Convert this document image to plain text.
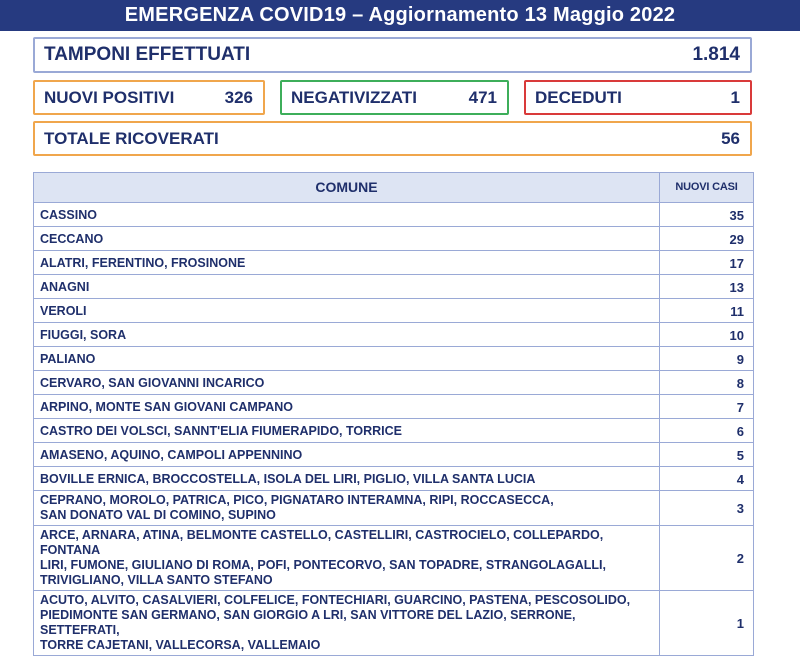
EMERGENZA COVID19 – Aggiornamento 13 Maggio 2022
TAMPONI EFFETTUATI	1.814
NUOVI POSITIVI	326 NEGATIVIZZATI	471 DECEDUTI	1
TOTALE RICOVERATI	56
COMUNE	NUOVI CASI
CASSINO	35
CECCANO	29
ALATRI, FERENTINO, FROSINONE	17
ANAGNI	13
VEROLI	11
FIUGGI, SORA	10
PALIANO	9
CERVARO, SAN GIOVANNI INCARICO	8
ARPINO, MONTE SAN GIOVANI CAMPANO	7
CASTRO DEI VOLSCI, SANNT'ELIA FIUMERAPIDO, TORRICE	6
AMASENO, AQUINO, CAMPOLI APPENNINO	5
BOVILLE ERNICA, BROCCOSTELLA, ISOLA DEL LIRI, PIGLIO, VILLA SANTA LUCIA	4

CEPRANO, MOROLO, PATRICA, PICO, PIGNATARO INTERAMNA, RIPI, ROCCASECCA,
SAN DONATO VAL DI COMINO, SUPINO	3

ARCE, ARNARA, ATINA, BELMONTE CASTELLO, CASTELLIRI, CASTROCIELO, COLLEPARDO, FONTANA
LIRI, FUMONE, GIULIANO DI ROMA, POFI, PONTECORVO, SAN TOPADRE, STRANGOLAGALLI,
TRIVIGLIANO, VILLA SANTO STEFANO	2

ACUTO, ALVITO, CASALVIERI, COLFELICE, FONTECHIARI, GUARCINO, PASTENA, PESCOSOLIDO,
PIEDIMONTE SAN GERMANO, SAN GIORGIO A LRI, SAN VITTORE DEL LAZIO, SERRONE, SETTEFRATI,
TORRE CAJETANI, VALLECORSA, VALLEMAIO	1
